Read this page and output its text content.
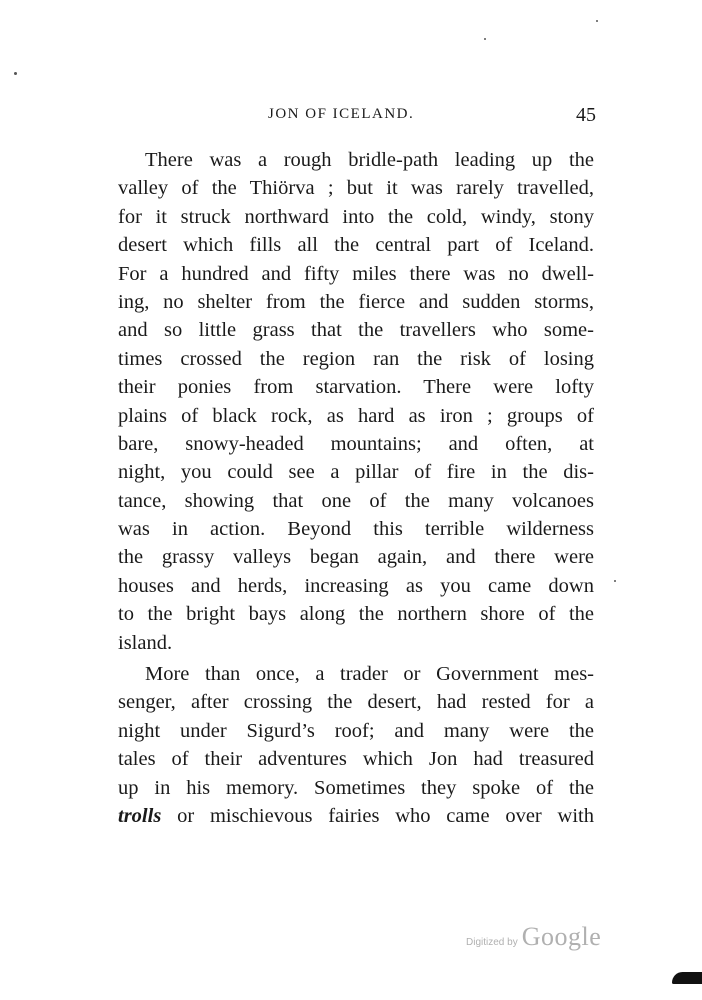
JON OF ICELAND.	45
There was a rough bridle-path leading up the
valley of the Thiörva ; but it was rarely travelled,
for it struck northward into the cold, windy, stony
desert which fills all the central part of Iceland.
For a hundred and fifty miles there was no dwell-
ing, no shelter from the fierce and sudden storms,
and so little grass that the travellers who some-
times crossed the region ran the risk of losing
their ponies from starvation. There were lofty
plains of black rock, as hard as iron ; groups of
bare, snowy-headed mountains; and often, at
night, you could see a pillar of fire in the dis-
tance, showing that one of the many volcanoes
was in action. Beyond this terrible wilderness
the grassy valleys began again, and there were
houses and herds, increasing as you came down
to the bright bays along the northern shore of the
island.
More than once, a trader or Government mes-
senger, after crossing the desert, had rested for a
night under Sigurd’s roof; and many were the
tales of their adventures which Jon had treasured
up in his memory. Sometimes they spoke of the
trolls or mischievous fairies who came over with
Digitized by Google
